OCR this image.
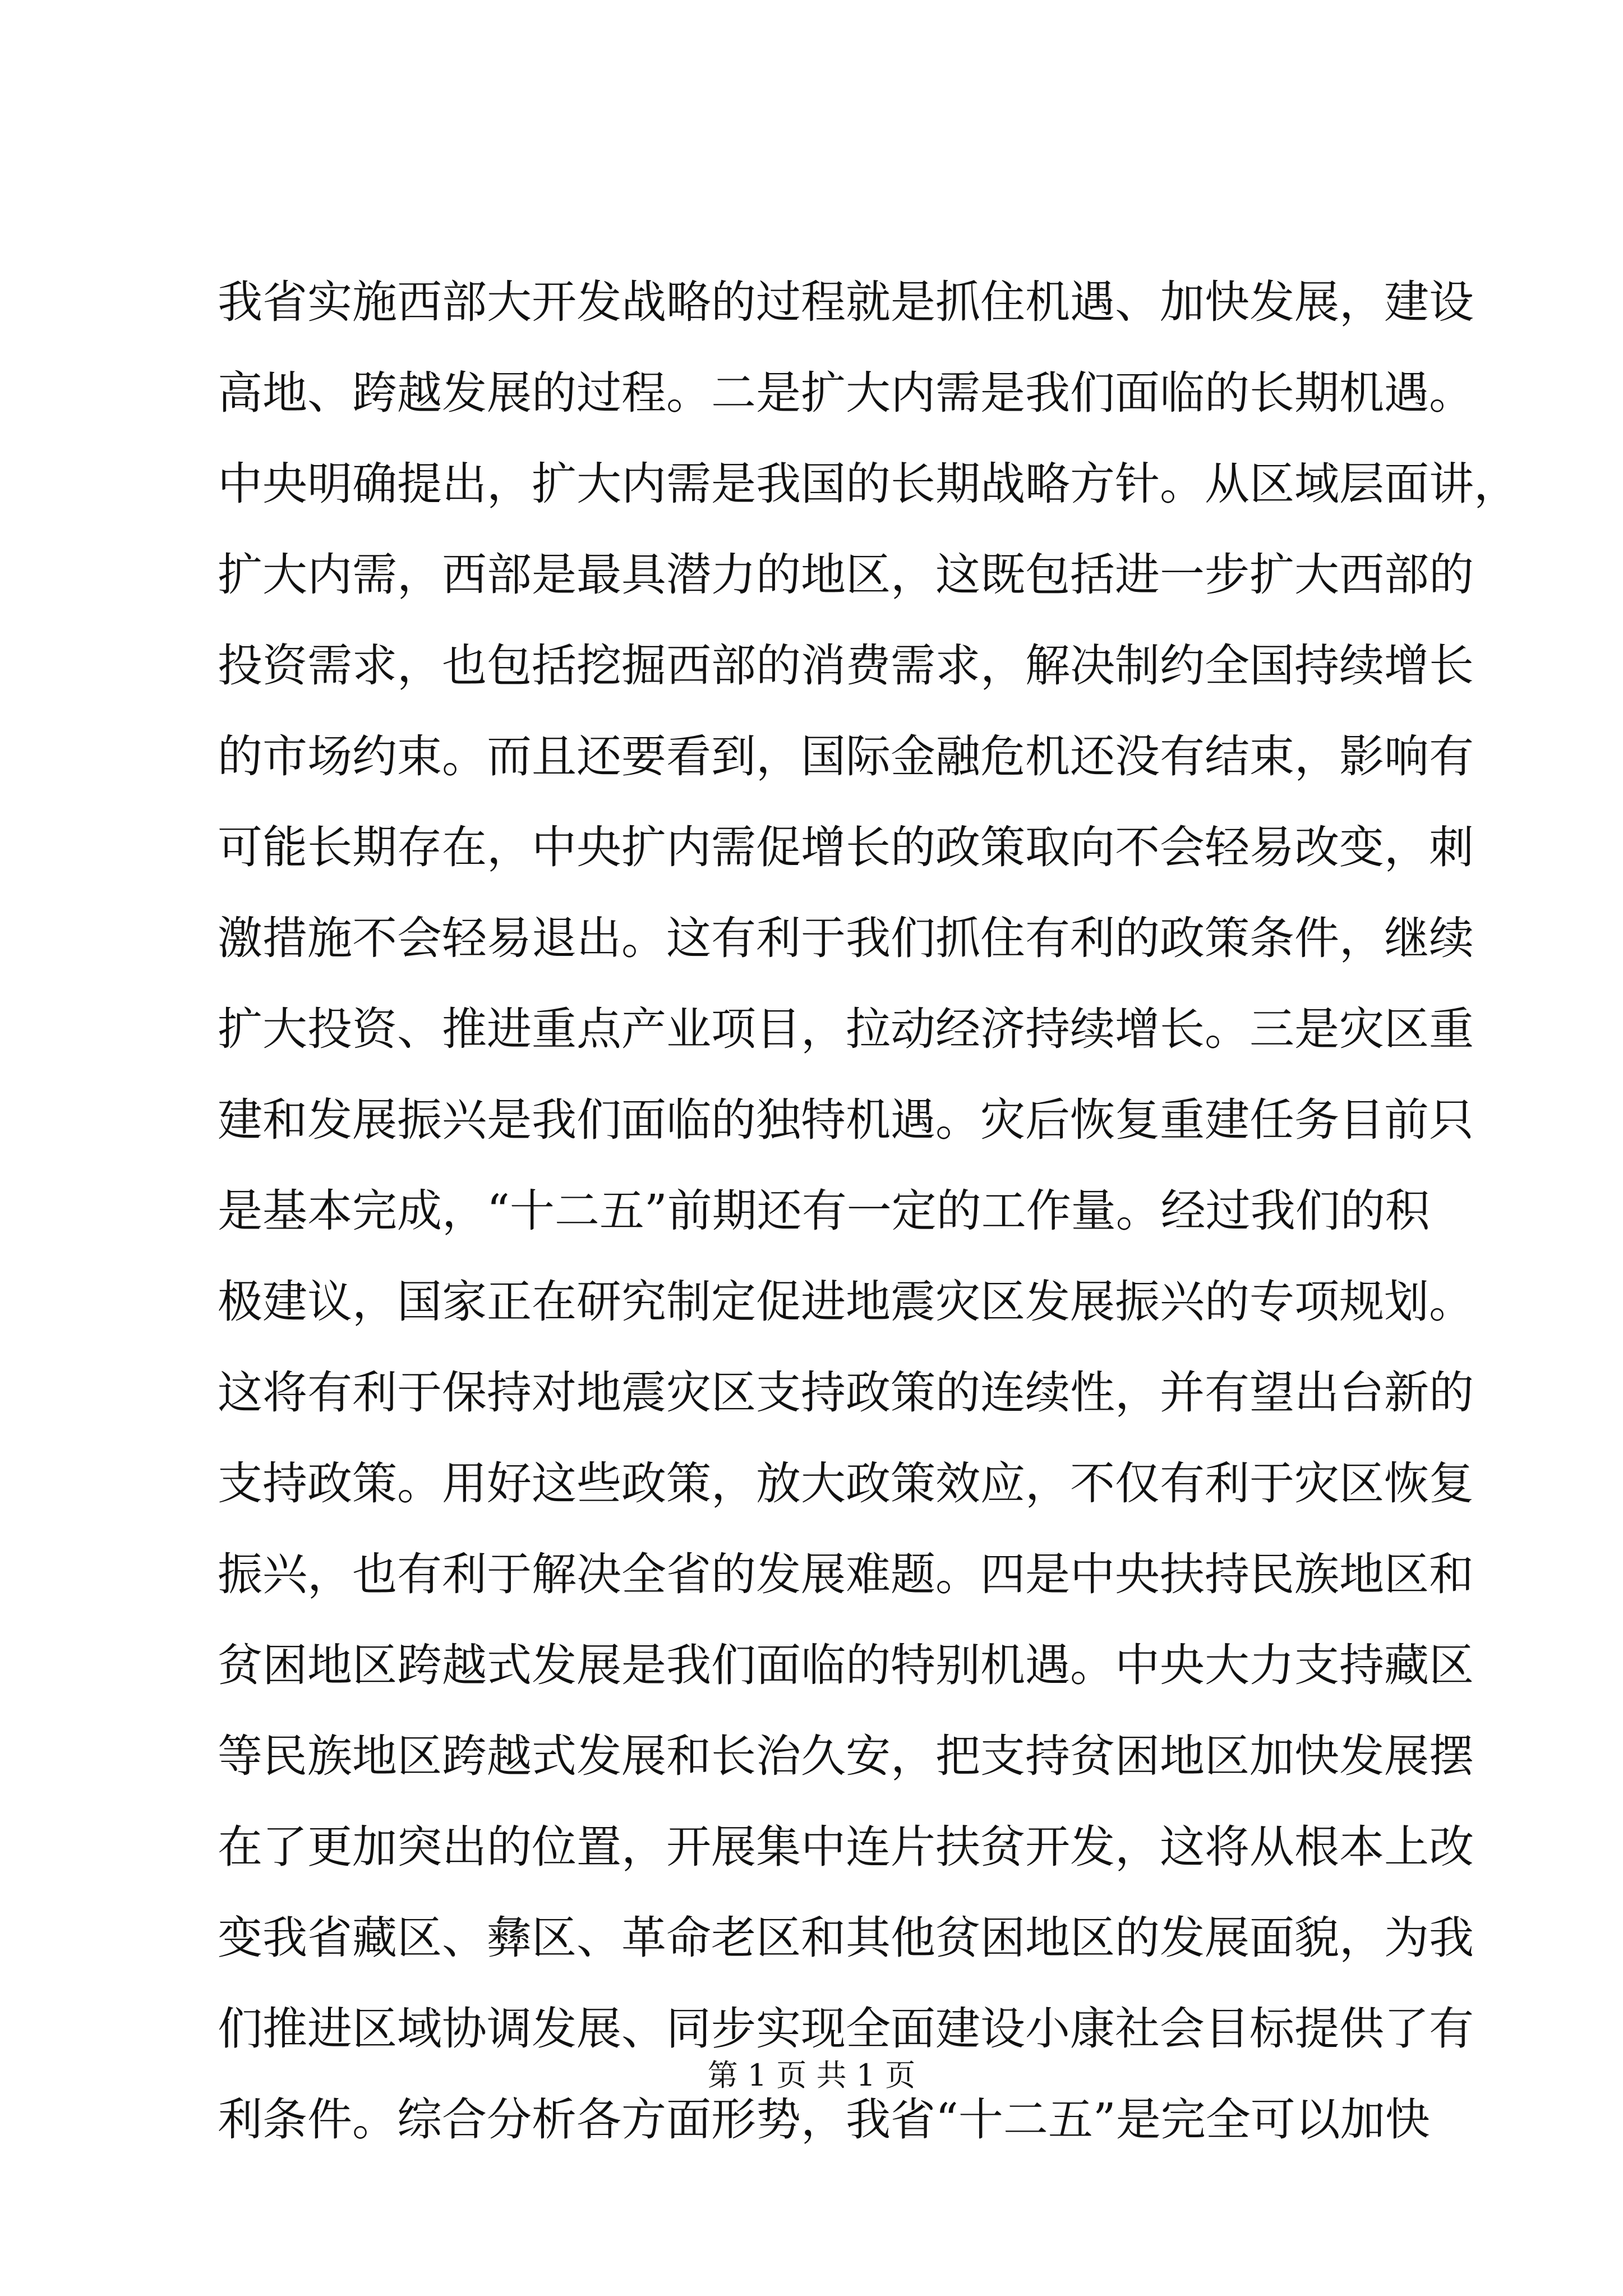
我省实施西部大开发战略的过程就是抓住机遇、加快发展，建设
高地、跨越发展的过程。二是扩大内需是我们面临的长期机遇。
中央明确提出，扩大内需是我国的长期战略方针。从区域层面讲，
扩大内需，西部是最具潜力的地区，这既包括进一步扩大西部的
投资需求，也包括挖掘西部的消费需求，解决制约全国持续增长
的市场约束。而且还要看到，国际金融危机还没有结束，影响有
可能长期存在，中央扩内需促增长的政策取向不会轻易改变，刺
激措施不会轻易退出。这有利于我们抓住有利的政策条件，继续
扩大投资、推进重点产业项目，拉动经济持续增长。三是灾区重
建和发展振兴是我们面临的独特机遇。灾后恢复重建任务目前只
是基本完成，“十二五”前期还有一定的工作量。经过我们的积
极建议，国家正在研究制定促进地震灾区发展振兴的专项规划。
这将有利于保持对地震灾区支持政策的连续性，并有望出台新的
支持政策。用好这些政策，放大政策效应，不仅有利于灾区恢复
振兴，也有利于解决全省的发展难题。四是中央扶持民族地区和
贫困地区跨越式发展是我们面临的特别机遇。中央大力支持藏区
等民族地区跨越式发展和长治久安，把支持贫困地区加快发展摆
在了更加突出的位置，开展集中连片扶贫开发，这将从根本上改
变我省藏区、彝区、革命老区和其他贫困地区的发展面貌，为我
们推进区域协调发展、同步实现全面建设小康社会目标提供了有
利条件。综合分析各方面形势，我省“十二五”是完全可以加快
第 1 页 共 1 页
